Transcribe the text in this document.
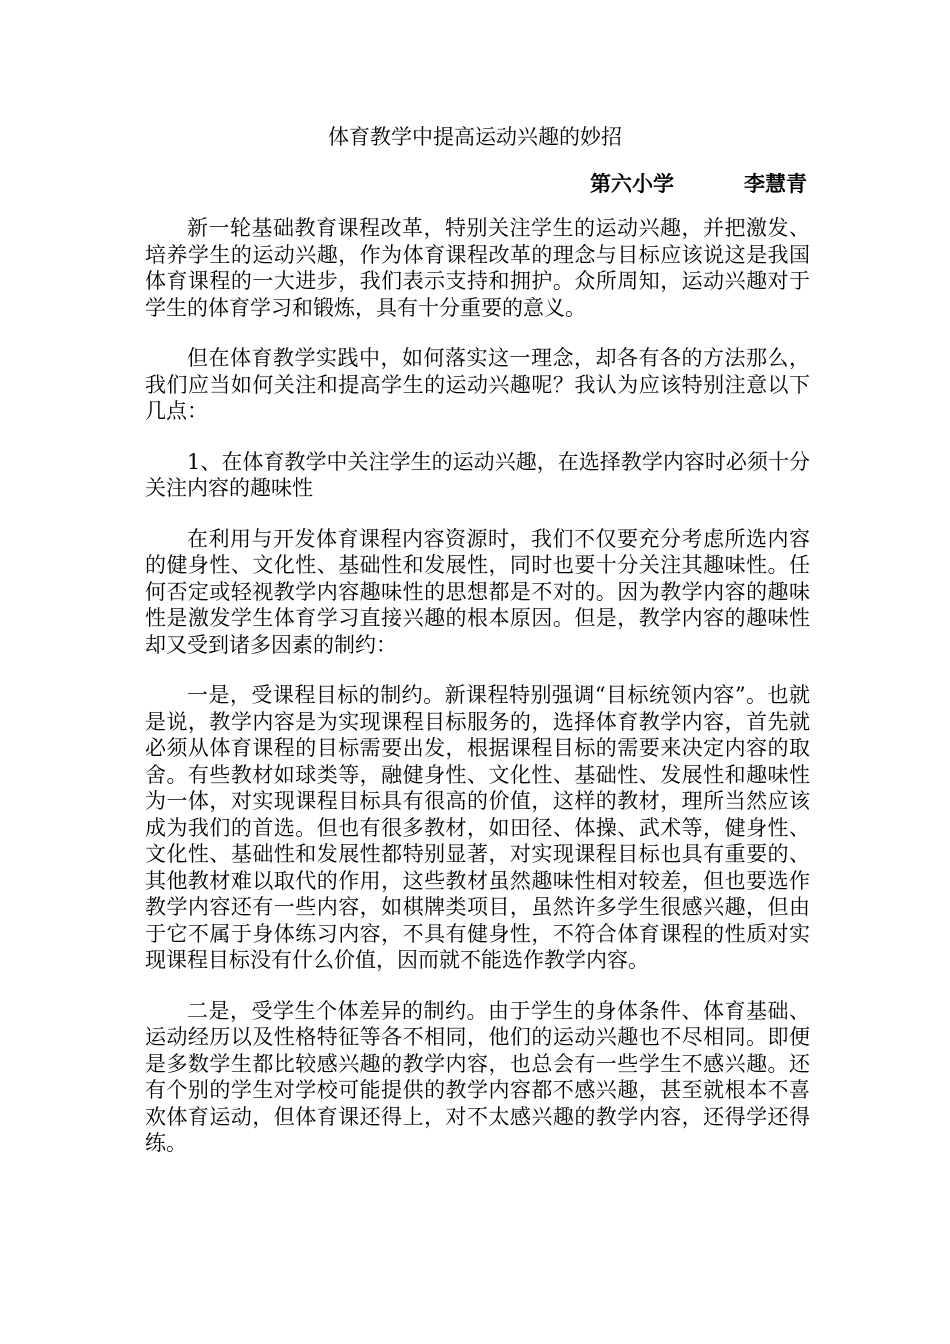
体育教学中提高运动兴趣的妙招
第六小学	李慧青

新一轮基础教育课程改革，特别关注学生的运动兴趣，并把激发、培养学生的运动兴趣，作为体育课程改革的理念与目标应该说这是我国体育课程的一大进步，我们表示支持和拥护。众所周知，运动兴趣对于学生的体育学习和锻炼，具有十分重要的意义。

但在体育教学实践中，如何落实这一理念，却各有各的方法那么，我们应当如何关注和提高学生的运动兴趣呢？我认为应该特别注意以下几点：

1、在体育教学中关注学生的运动兴趣，在选择教学内容时必须十分关注内容的趣味性

在利用与开发体育课程内容资源时，我们不仅要充分考虑所选内容的健身性、文化性、基础性和发展性，同时也要十分关注其趣味性。任何否定或轻视教学内容趣味性的思想都是不对的。因为教学内容的趣味性是激发学生体育学习直接兴趣的根本原因。但是，教学内容的趣味性却又受到诸多因素的制约：

一是，受课程目标的制约。新课程特别强调“目标统领内容”。也就是说，教学内容是为实现课程目标服务的，选择体育教学内容，首先就必须从体育课程的目标需要出发，根据课程目标的需要来决定内容的取舍。有些教材如球类等，融健身性、文化性、基础性、发展性和趣味性为一体，对实现课程目标具有很高的价值，这样的教材，理所当然应该成为我们的首选。但也有很多教材，如田径、体操、武术等，健身性、文化性、基础性和发展性都特别显著，对实现课程目标也具有重要的、其他教材难以取代的作用，这些教材虽然趣味性相对较差，但也要选作教学内容还有一些内容，如棋牌类项目，虽然许多学生很感兴趣，但由于它不属于身体练习内容，不具有健身性，不符合体育课程的性质对实现课程目标没有什么价值，因而就不能选作教学内容。

二是，受学生个体差异的制约。由于学生的身体条件、体育基础、运动经历以及性格特征等各不相同，他们的运动兴趣也不尽相同。即便是多数学生都比较感兴趣的教学内容，也总会有一些学生不感兴趣。还有个别的学生对学校可能提供的教学内容都不感兴趣，甚至就根本不喜欢体育运动，但体育课还得上，对不太感兴趣的教学内容，还得学还得练。
